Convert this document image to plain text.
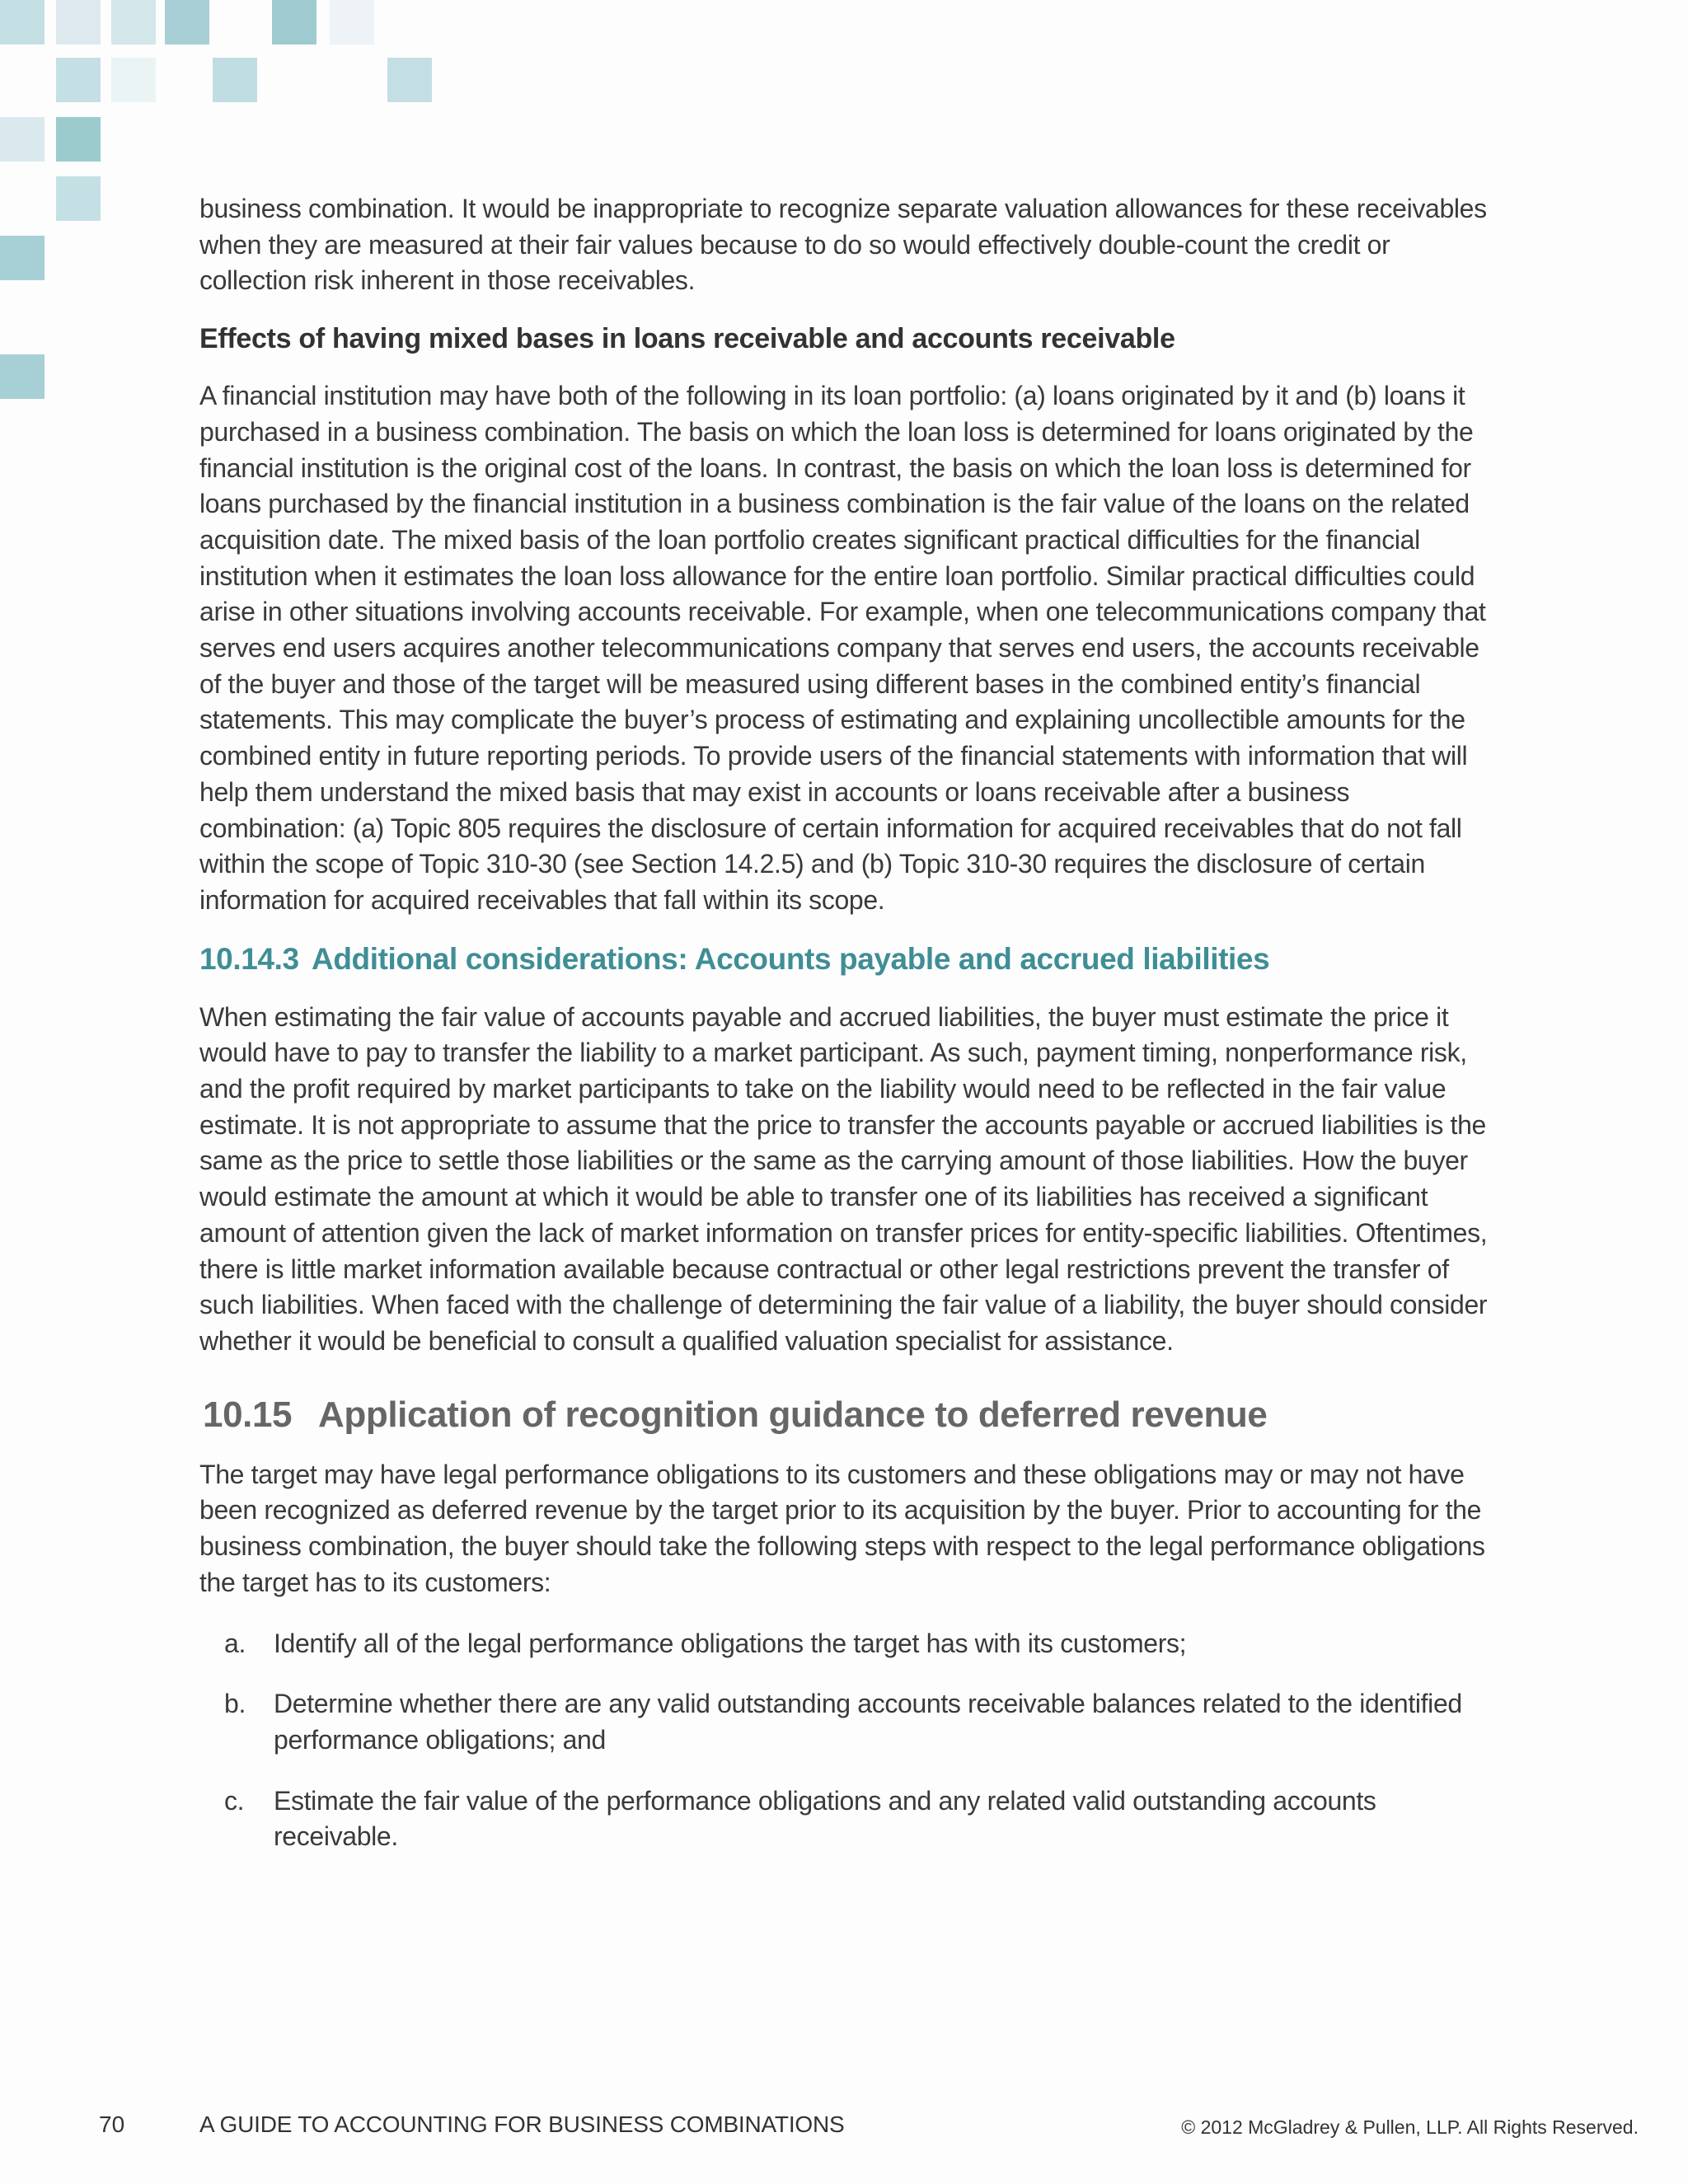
business combination. It would be inappropriate to recognize separate valuation allowances for these receivables when they are measured at their fair values because to do so would effectively double-count the credit or collection risk inherent in those receivables.

Effects of having mixed bases in loans receivable and accounts receivable

A financial institution may have both of the following in its loan portfolio: (a) loans originated by it and (b) loans it purchased in a business combination. The basis on which the loan loss is determined for loans originated by the financial institution is the original cost of the loans. In contrast, the basis on which the loan loss is determined for loans purchased by the financial institution in a business combination is the fair value of the loans on the related acquisition date. The mixed basis of the loan portfolio creates significant practical difficulties for the financial institution when it estimates the loan loss allowance for the entire loan portfolio. Similar practical difficulties could arise in other situations involving accounts receivable. For example, when one telecommunications company that serves end users acquires another telecommunications company that serves end users, the accounts receivable of the buyer and those of the target will be measured using different bases in the combined entity’s financial statements. This may complicate the buyer’s process of estimating and explaining uncollectible amounts for the combined entity in future reporting periods. To provide users of the financial statements with information that will help them understand the mixed basis that may exist in accounts or loans receivable after a business combination: (a) Topic 805 requires the disclosure of certain information for acquired receivables that do not fall within the scope of Topic 310-30 (see Section 14.2.5) and (b) Topic 310-30 requires the disclosure of certain information for acquired receivables that fall within its scope.

10.14.3 Additional considerations: Accounts payable and accrued liabilities

When estimating the fair value of accounts payable and accrued liabilities, the buyer must estimate the price it would have to pay to transfer the liability to a market participant. As such, payment timing, nonperformance risk, and the profit required by market participants to take on the liability would need to be reflected in the fair value estimate. It is not appropriate to assume that the price to transfer the accounts payable or accrued liabilities is the same as the price to settle those liabilities or the same as the carrying amount of those liabilities. How the buyer would estimate the amount at which it would be able to transfer one of its liabilities has received a significant amount of attention given the lack of market information on transfer prices for entity-specific liabilities. Oftentimes, there is little market information available because contractual or other legal restrictions prevent the transfer of such liabilities. When faced with the challenge of determining the fair value of a liability, the buyer should consider whether it would be beneficial to consult a qualified valuation specialist for assistance.

10.15 Application of recognition guidance to deferred revenue

The target may have legal performance obligations to its customers and these obligations may or may not have been recognized as deferred revenue by the target prior to its acquisition by the buyer. Prior to accounting for the business combination, the buyer should take the following steps with respect to the legal performance obligations the target has to its customers:

a. Identify all of the legal performance obligations the target has with its customers;
b. Determine whether there are any valid outstanding accounts receivable balances related to the identified performance obligations; and
c. Estimate the fair value of the performance obligations and any related valid outstanding accounts receivable.
70	A GUIDE TO ACCOUNTING FOR BUSINESS COMBINATIONS	© 2012 McGladrey & Pullen, LLP. All Rights Reserved.
